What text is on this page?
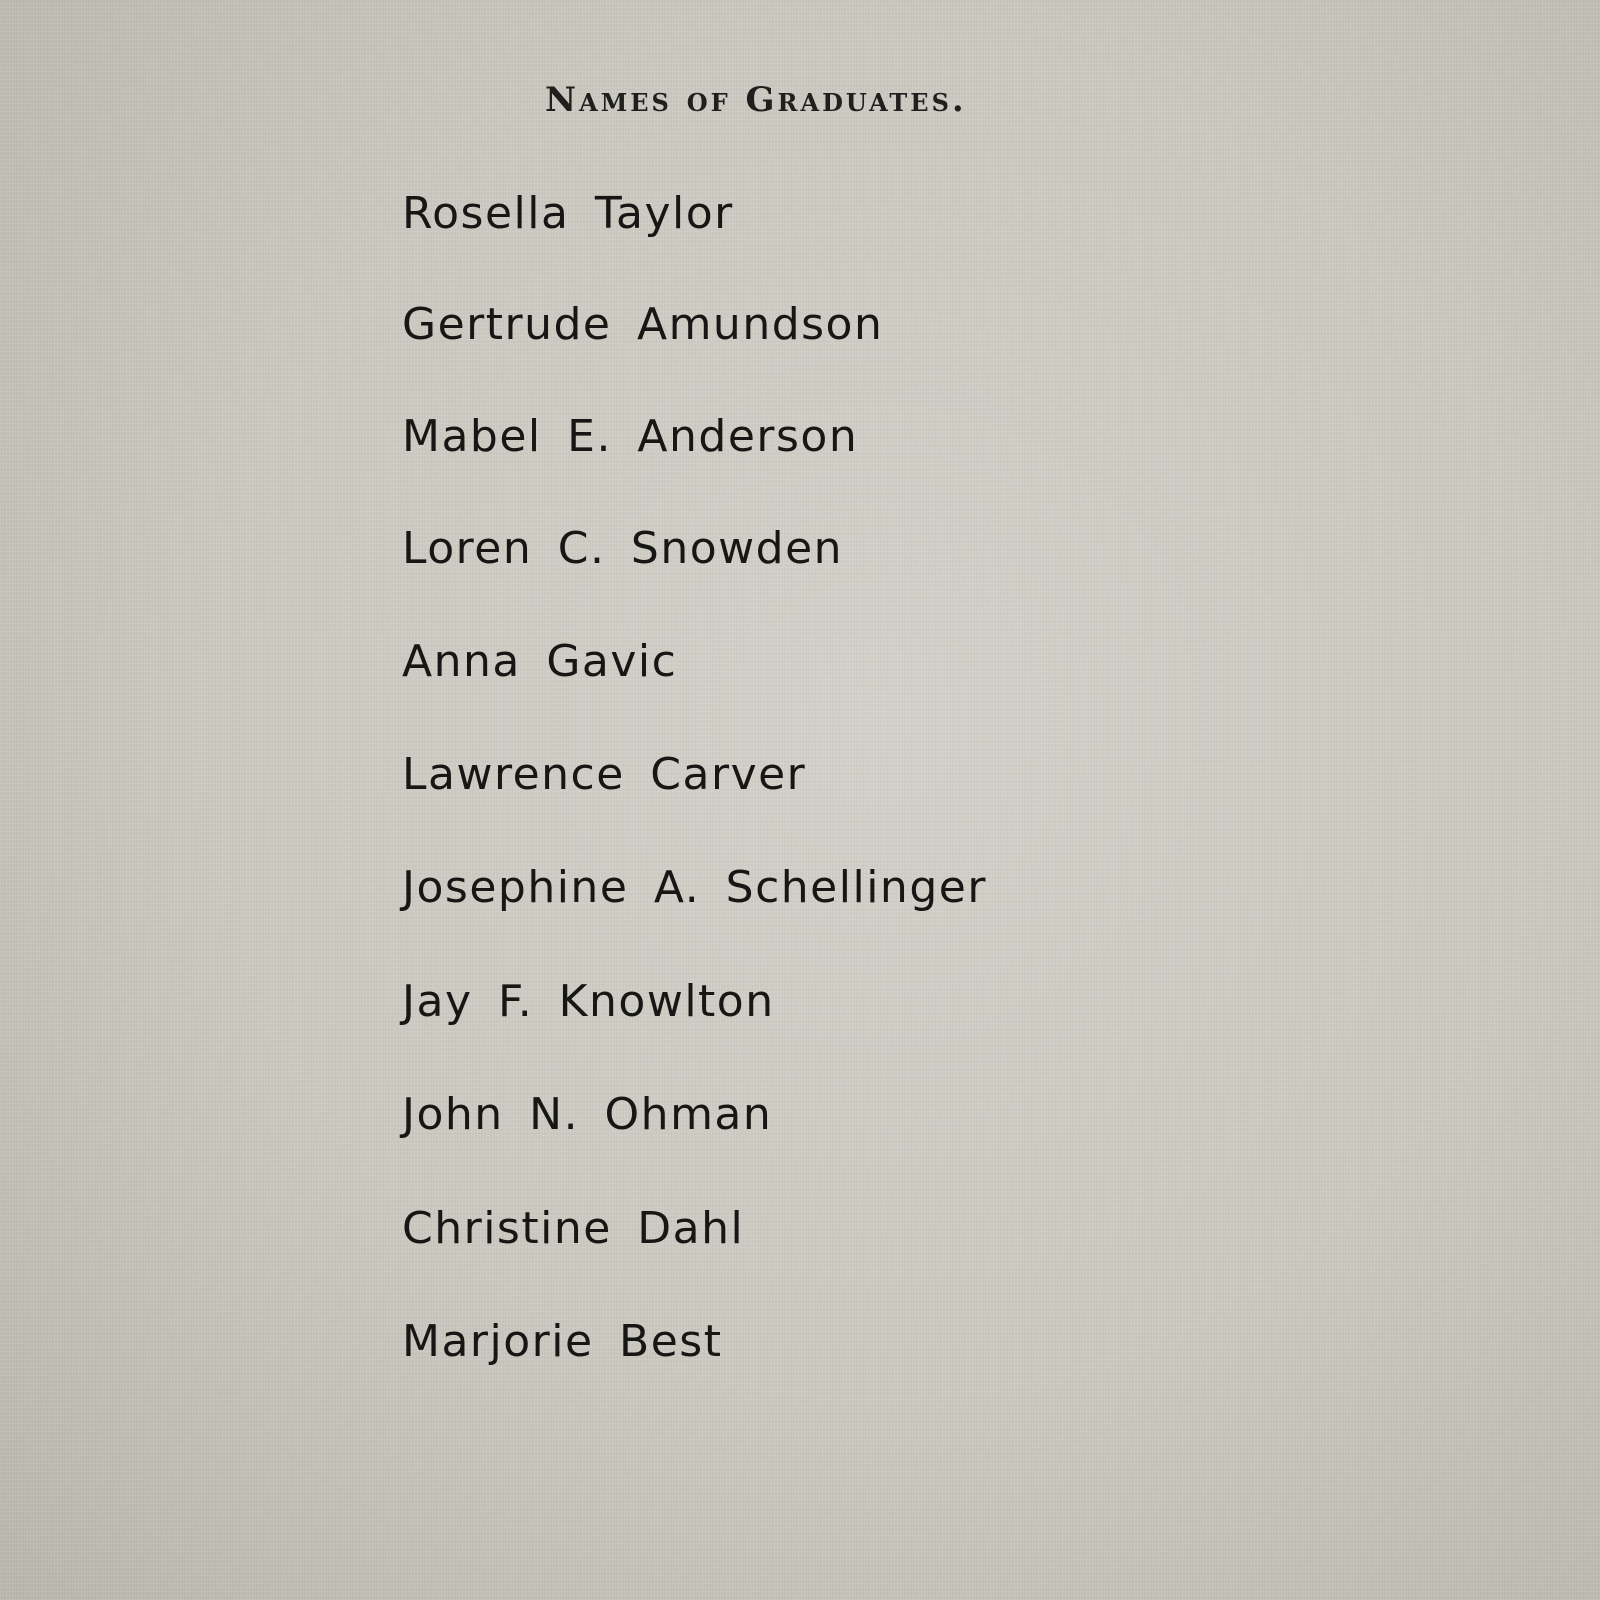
Names of Graduates.
Rosella Taylor
Gertrude Amundson
Mabel E. Anderson
Loren C. Snowden
Anna Gavic
Lawrence Carver
Josephine A. Schellinger
Jay F. Knowlton
John N. Ohman
Christine Dahl
Marjorie Best
